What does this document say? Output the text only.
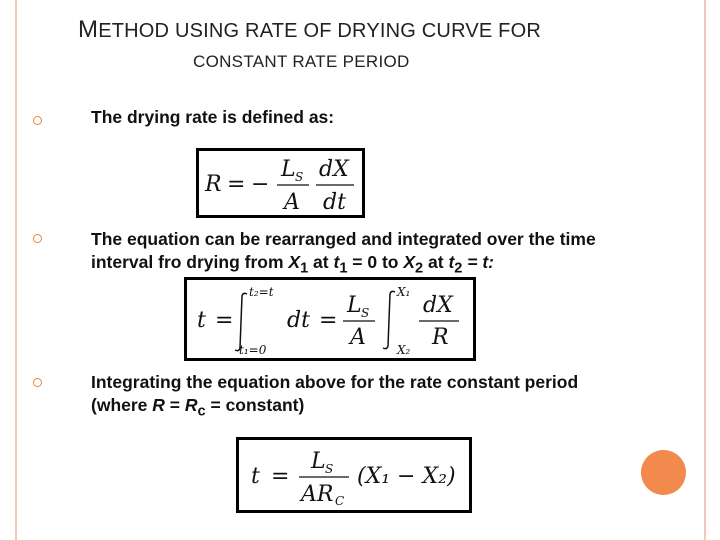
METHOD USING RATE OF DRYING CURVE FOR
CONSTANT RATE PERIOD
The drying rate is defined as:
R = −
L S
A
dX
dt
The equation can be rearranged and integrated over the time
interval fro drying from $X_1$ at $t_1 = 0$ to $X_2$ at $t_2 = t$:
t =
t₂=t
t₁=0
dt =
L S
A
X₁
X₂
dX
R
Integrating the equation above for the rate constant period
(where $R = R_c$ = constant)
t =
L S
AR C
(X₁ − X₂)
